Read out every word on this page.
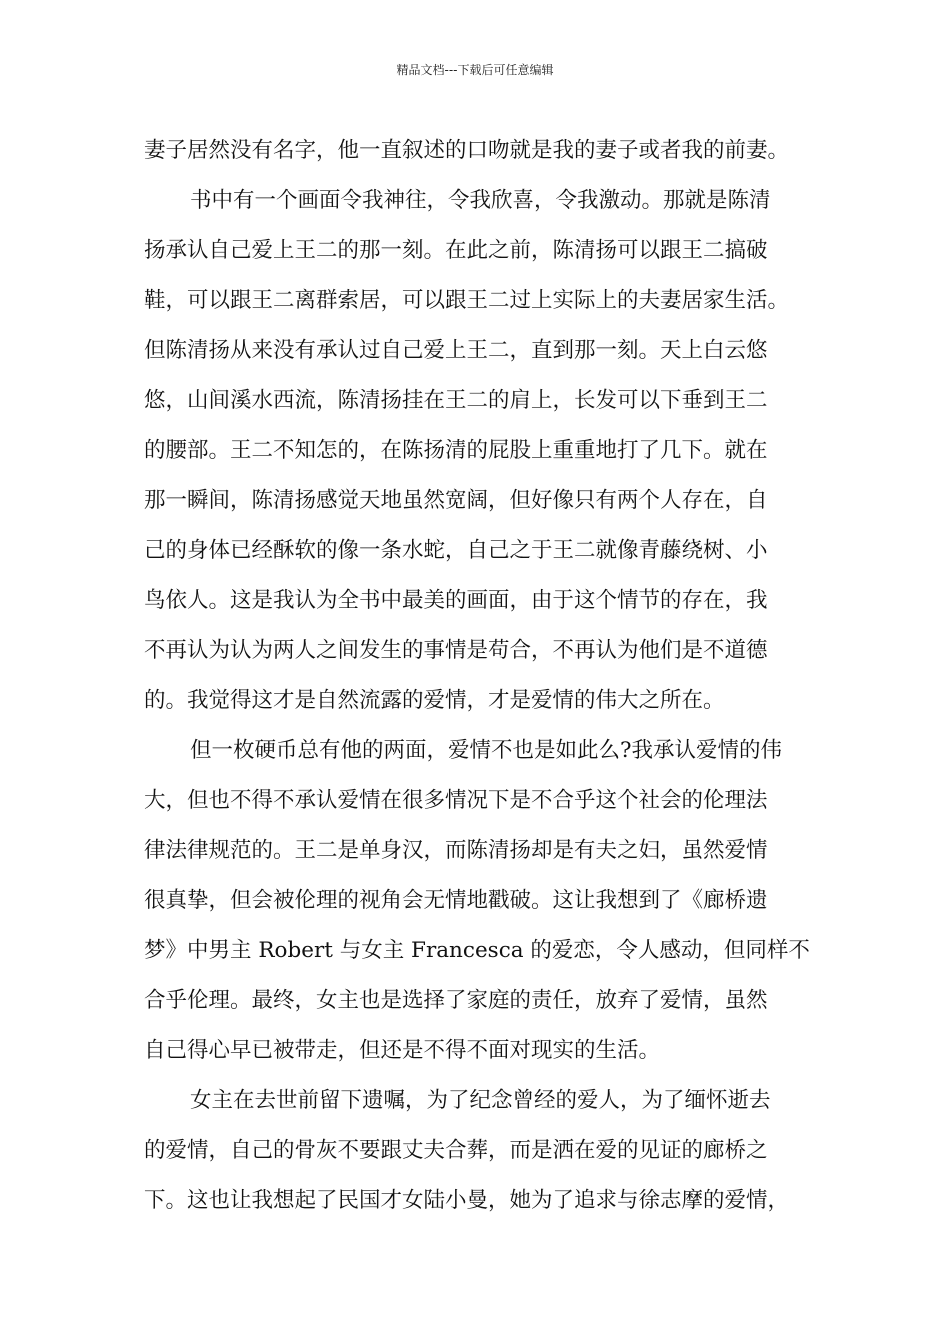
精品文档---下载后可任意编辑
妻子居然没有名字，他一直叙述的口吻就是我的妻子或者我的前妻。
书中有一个画面令我神往，令我欣喜，令我激动。那就是陈清
扬承认自己爱上王二的那一刻。在此之前，陈清扬可以跟王二搞破
鞋，可以跟王二离群索居，可以跟王二过上实际上的夫妻居家生活。
但陈清扬从来没有承认过自己爱上王二，直到那一刻。天上白云悠
悠，山间溪水西流，陈清扬挂在王二的肩上，长发可以下垂到王二
的腰部。王二不知怎的，在陈扬清的屁股上重重地打了几下。就在
那一瞬间，陈清扬感觉天地虽然宽阔，但好像只有两个人存在，自
己的身体已经酥软的像一条水蛇，自己之于王二就像青藤绕树、小
鸟依人。这是我认为全书中最美的画面，由于这个情节的存在，我
不再认为认为两人之间发生的事情是苟合，不再认为他们是不道德
的。我觉得这才是自然流露的爱情，才是爱情的伟大之所在。
但一枚硬币总有他的两面，爱情不也是如此么?我承认爱情的伟
大，但也不得不承认爱情在很多情况下是不合乎这个社会的伦理法
律法律规范的。王二是单身汉，而陈清扬却是有夫之妇，虽然爱情
很真挚，但会被伦理的视角会无情地戳破。这让我想到了《廊桥遗
梦》中男主 Robert 与女主 Francesca 的爱恋，令人感动，但同样不
合乎伦理。最终，女主也是选择了家庭的责任，放弃了爱情，虽然
自己得心早已被带走，但还是不得不面对现实的生活。
女主在去世前留下遗嘱，为了纪念曾经的爱人，为了缅怀逝去
的爱情，自己的骨灰不要跟丈夫合葬，而是洒在爱的见证的廊桥之
下。这也让我想起了民国才女陆小曼，她为了追求与徐志摩的爱情，
